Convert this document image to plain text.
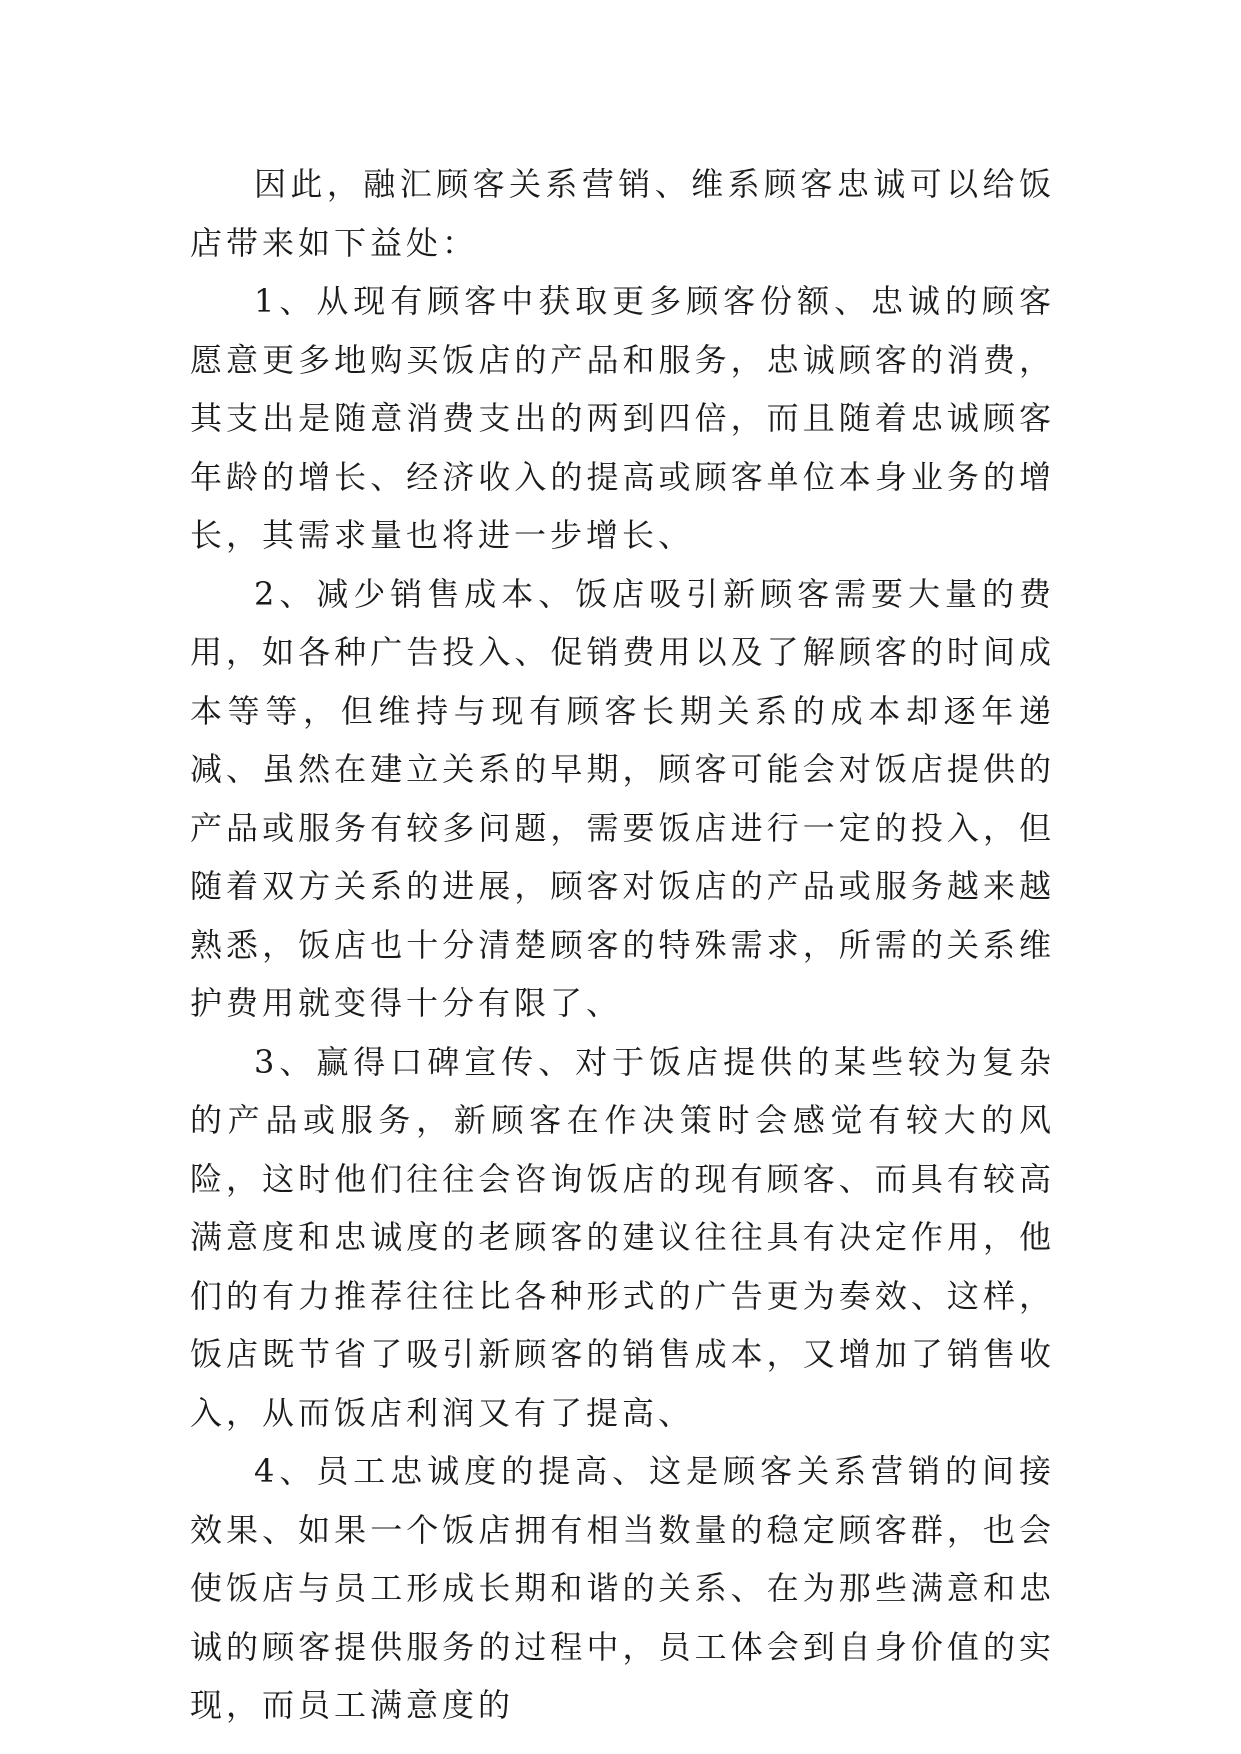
因此，融汇顾客关系营销、维系顾客忠诚可以给饭店带来如下益处：

1、从现有顾客中获取更多顾客份额、忠诚的顾客愿意更多地购买饭店的产品和服务，忠诚顾客的消费，其支出是随意消费支出的两到四倍，而且随着忠诚顾客年龄的增长、经济收入的提高或顾客单位本身业务的增长，其需求量也将进一步增长、

2、减少销售成本、饭店吸引新顾客需要大量的费用，如各种广告投入、促销费用以及了解顾客的时间成本等等，但维持与现有顾客长期关系的成本却逐年递减、虽然在建立关系的早期，顾客可能会对饭店提供的产品或服务有较多问题，需要饭店进行一定的投入，但随着双方关系的进展，顾客对饭店的产品或服务越来越熟悉，饭店也十分清楚顾客的特殊需求，所需的关系维护费用就变得十分有限了、

3、赢得口碑宣传、对于饭店提供的某些较为复杂的产品或服务，新顾客在作决策时会感觉有较大的风险，这时他们往往会咨询饭店的现有顾客、而具有较高满意度和忠诚度的老顾客的建议往往具有决定作用，他们的有力推荐往往比各种形式的广告更为奏效、这样，饭店既节省了吸引新顾客的销售成本，又增加了销售收入，从而饭店利润又有了提高、

4、员工忠诚度的提高、这是顾客关系营销的间接效果、如果一个饭店拥有相当数量的稳定顾客群，也会使饭店与员工形成长期和谐的关系、在为那些满意和忠诚的顾客提供服务的过程中，员工体会到自身价值的实现，而员工满意度的
